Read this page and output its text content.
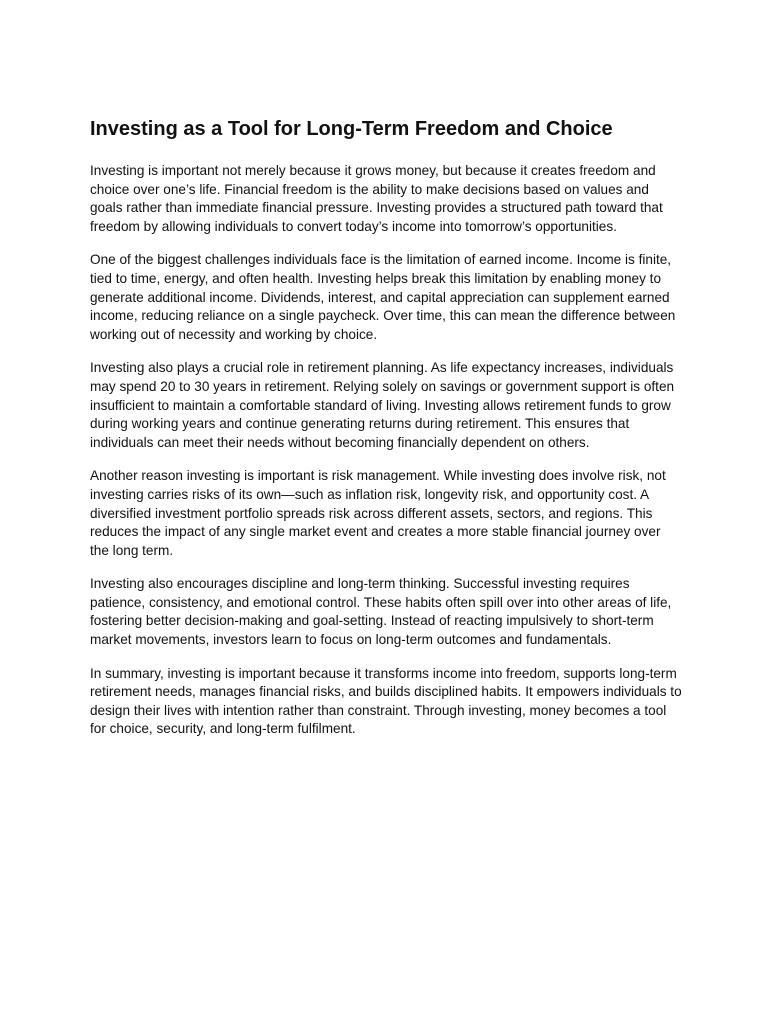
Investing as a Tool for Long-Term Freedom and Choice

Investing is important not merely because it grows money, but because it creates freedom and choice over one’s life. Financial freedom is the ability to make decisions based on values and goals rather than immediate financial pressure. Investing provides a structured path toward that freedom by allowing individuals to convert today’s income into tomorrow’s opportunities.

One of the biggest challenges individuals face is the limitation of earned income. Income is finite, tied to time, energy, and often health. Investing helps break this limitation by enabling money to generate additional income. Dividends, interest, and capital appreciation can supplement earned income, reducing reliance on a single paycheck. Over time, this can mean the difference between working out of necessity and working by choice.

Investing also plays a crucial role in retirement planning. As life expectancy increases, individuals may spend 20 to 30 years in retirement. Relying solely on savings or government support is often insufficient to maintain a comfortable standard of living. Investing allows retirement funds to grow during working years and continue generating returns during retirement. This ensures that individuals can meet their needs without becoming financially dependent on others.

Another reason investing is important is risk management. While investing does involve risk, not investing carries risks of its own—such as inflation risk, longevity risk, and opportunity cost. A diversified investment portfolio spreads risk across different assets, sectors, and regions. This reduces the impact of any single market event and creates a more stable financial journey over the long term.

Investing also encourages discipline and long-term thinking. Successful investing requires patience, consistency, and emotional control. These habits often spill over into other areas of life, fostering better decision-making and goal-setting. Instead of reacting impulsively to short-term market movements, investors learn to focus on long-term outcomes and fundamentals.

In summary, investing is important because it transforms income into freedom, supports long-term retirement needs, manages financial risks, and builds disciplined habits. It empowers individuals to design their lives with intention rather than constraint. Through investing, money becomes a tool for choice, security, and long-term fulfilment.
